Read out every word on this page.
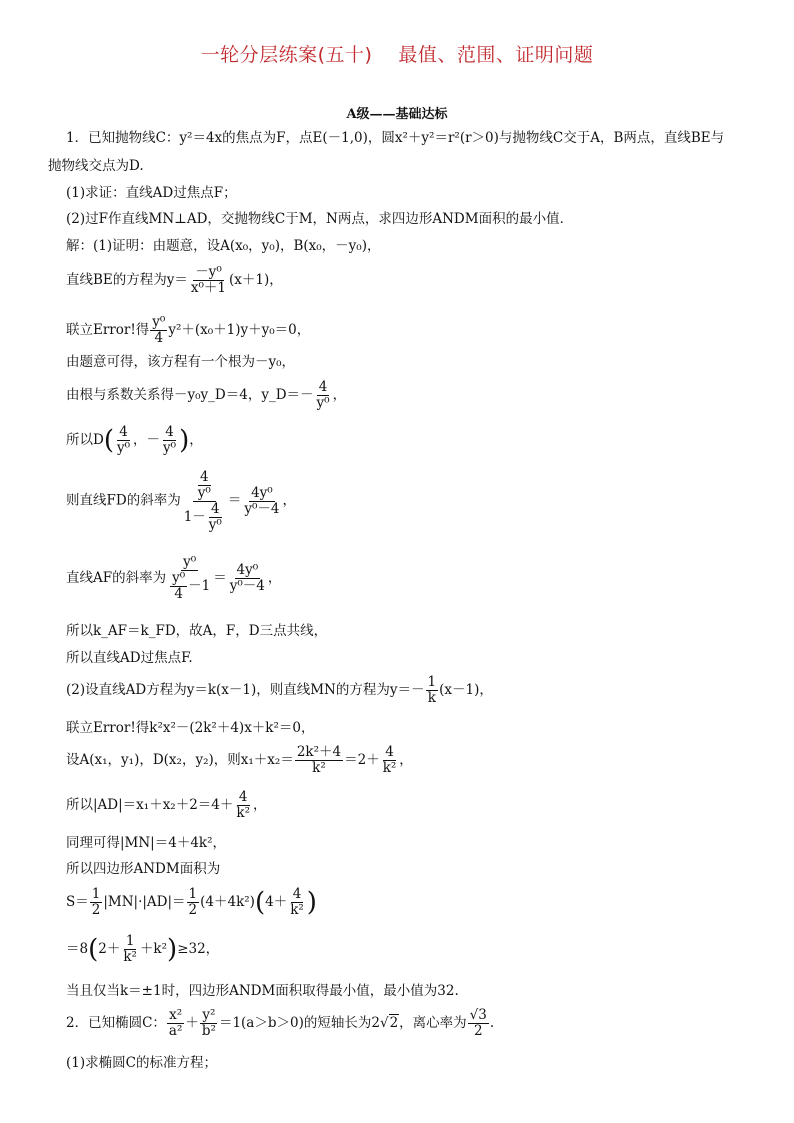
一轮分层练案(五十)　 最值、范围、证明问题
A级——基础达标
1．已知抛物线C：y²＝4x的焦点为F，点E(－1,0)，圆x²＋y²＝r²(r＞0)与抛物线C交于A，B两点，直线BE与
抛物线交点为D.
(1)求证：直线AD过焦点F；
(2)过F作直线MN⊥AD，交抛物线C于M，N两点，求四边形ANDM面积的最小值．
解：(1)证明：由题意，设A(x₀，y₀)，B(x₀，－y₀)，
直线BE的方程为$y= \frac{\text{－y⁰}}{\text{x⁰＋1}} (x+1)$，
联立Error!得 $\frac{\text{y⁰}}{4} y^2+(x_0+1)y+y_0=0$，
由题意可得，该方程有一个根为－y₀，
由根与系数关系得－y₀y_D＝4，y_D＝－ $\frac{4}{\text{y⁰}}$ ，
所以$D( \frac{4}{\text{y⁰}}$ ，－ $\frac{4}{\text{y⁰}}$ )，
则直线FD的斜率为 $\frac{\frac{4}{\text{y⁰}}}{1- \frac{4}{\text{y⁰}}} = \frac{\text{4y⁰}}{\text{y⁰－4}}$ ，
直线AF的斜率为 $\frac{\text{y⁰}}{\frac{\text{y⁰}}{4} -1} = \frac{\text{4y⁰}}{\text{y⁰－4}}$ ，
所以k_AF＝k_FD，故A，F，D三点共线，
所以直线AD过焦点F.
(2)设直线AD方程为y＝k(x－1)，则直线MN的方程为$y=- \frac{1}{k} (x-1)$，
联立Error!得k²x²－(2k²＋4)x＋k²＝0，
设A(x₁，y₁)，D(x₂，y₂)，则$x_1+x_2= \frac{\text{2k²＋4}}{\text{k²}} =2+ \frac{4}{\text{k²}}$ ，
所以$|AD|=x_1+x_2+2=4+ \frac{4}{\text{k²}}$ ，
同理可得|MN|＝4＋4k²，
所以四边形ANDM面积为
$S= \frac{1}{2} |MN|\cdot|AD|= \frac{1}{2} (4+4k^2)(4+ \frac{4}{\text{k²}}$ )
$=8(2+ \frac{1}{\text{k²}} +k^2)\ge 32$，
当且仅当k＝±1时，四边形ANDM面积取得最小值，最小值为32.
2．已知椭圆C： $\frac{\text{x²}}{\text{a²}} + \frac{\text{y²}}{\text{b²}} =1(a>b>0)$的短轴长为2√2，离心率为 $\frac{√3}{2}$ .
(1)求椭圆C的标准方程；
